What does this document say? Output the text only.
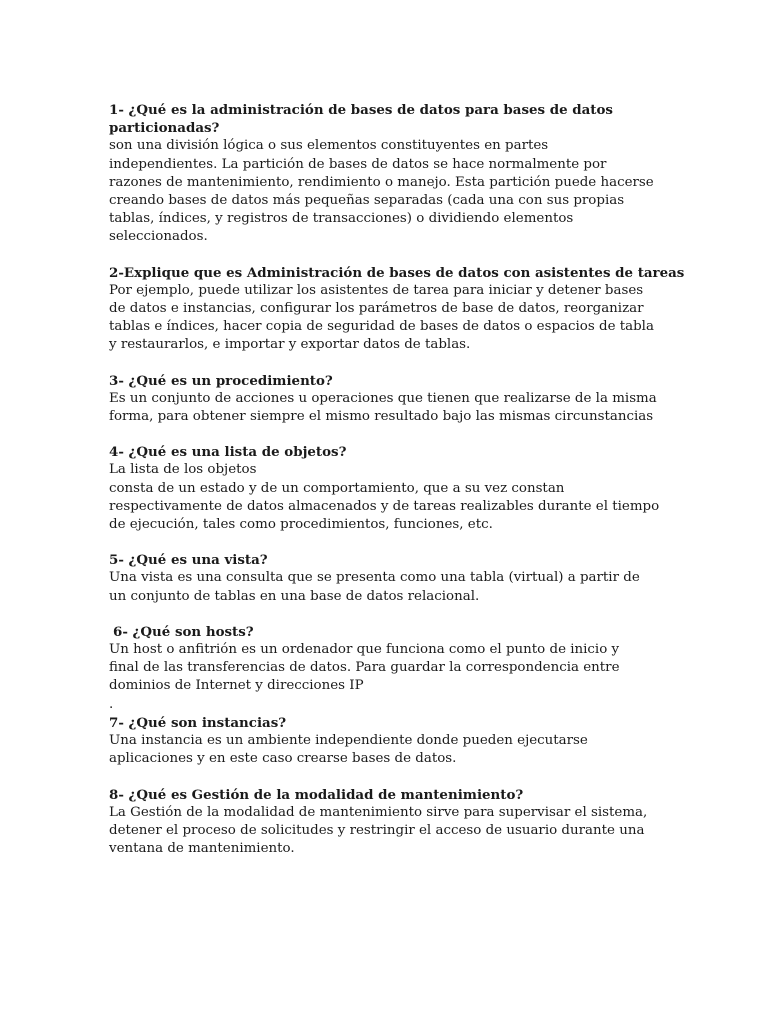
1- ¿Qué es la administración de bases de datos para bases de datos

particionadas?

son una división lógica o sus elementos constituyentes en partes

independientes. La partición de bases de datos se hace normalmente por

razones de mantenimiento, rendimiento o manejo. Esta partición puede hacerse

creando bases de datos más pequeñas separadas (cada una con sus propias

tablas, índices, y registros de transacciones) o dividiendo elementos

seleccionados.

2-Explique que es Administración de bases de datos con asistentes de tareas

Por ejemplo, puede utilizar los asistentes de tarea para iniciar y detener bases

de datos e instancias, configurar los parámetros de base de datos, reorganizar

tablas e índices, hacer copia de seguridad de bases de datos o espacios de tabla

y restaurarlos, e importar y exportar datos de tablas.

3- ¿Qué es un procedimiento?

Es un conjunto de acciones u operaciones que tienen que realizarse de la misma

forma, para obtener siempre el mismo resultado bajo las mismas circunstancias

4- ¿Qué es una lista de objetos?

La lista de los objetos

consta de un estado y de un comportamiento, que a su vez constan

respectivamente de datos almacenados y de tareas realizables durante el tiempo

de ejecución, tales como procedimientos, funciones, etc.

5- ¿Qué es una vista?

Una vista es una consulta que se presenta como una tabla (virtual) a partir de

un conjunto de tablas en una base de datos relacional.

6- ¿Qué son hosts?

Un host o anfitrión es un ordenador que funciona como el punto de inicio y

final de las transferencias de datos. Para guardar la correspondencia entre

dominios de Internet y direcciones IP

.

7- ¿Qué son instancias?

Una instancia es un ambiente independiente donde pueden ejecutarse

aplicaciones y en este caso crearse bases de datos.

8- ¿Qué es Gestión de la modalidad de mantenimiento?

La Gestión de la modalidad de mantenimiento sirve para supervisar el sistema,

detener el proceso de solicitudes y restringir el acceso de usuario durante una

ventana de mantenimiento.
